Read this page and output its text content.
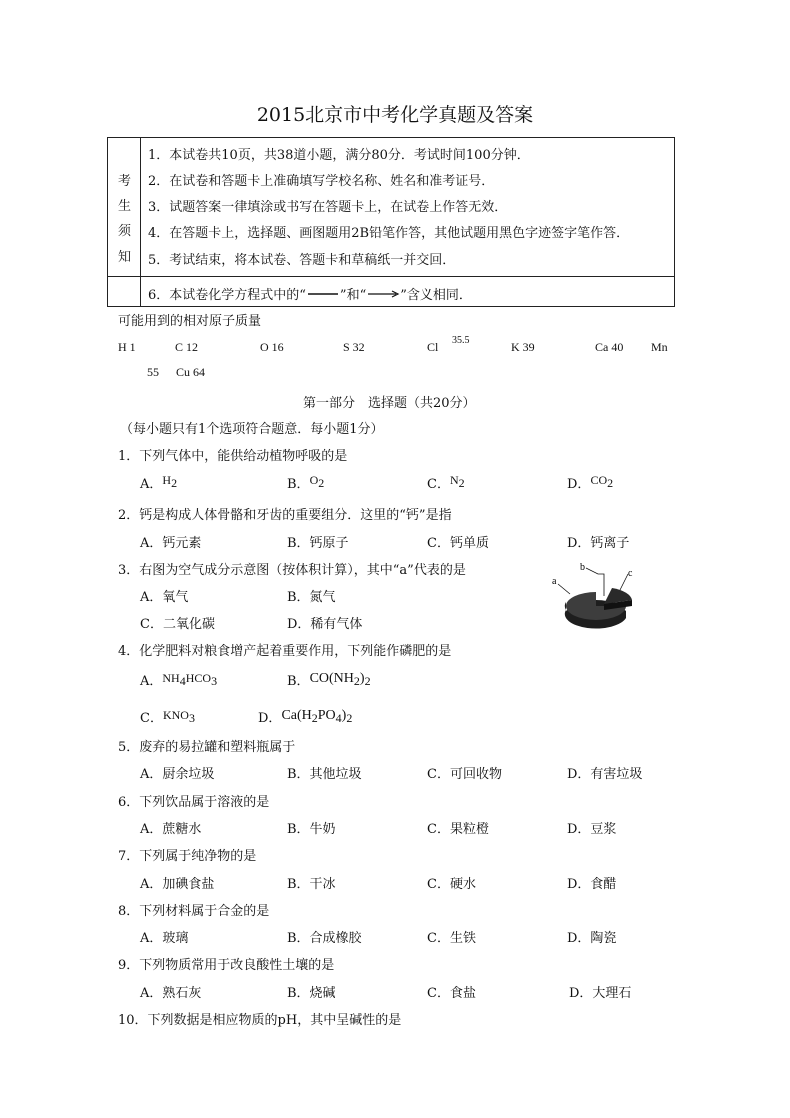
2015北京市中考化学真题及答案
考
生
须
知
1．本试卷共10页，共38道小题，满分80分．考试时间100分钟．
2．在试卷和答题卡上准确填写学校名称、姓名和准考证号．
3．试题答案一律填涂或书写在答题卡上，在试卷上作答无效．
4．在答题卡上，选择题、画图题用2B铅笔作答，其他试题用黑色字迹签字笔作答．
5．考试结束，将本试卷、答题卡和草稿纸一并交回．
6．本试卷化学方程式中的“	”和“	”含义相同．
可能用到的相对原子质量
H 1	C 12	O 16	S 32	Cl 35.5	K 39	Ca 40 Mn
55 Cu 64
第一部分　选择题（共20分）
（每小题只有1个选项符合题意．每小题1分）
1．下列气体中，能供给动植物呼吸的是
A．$H_2$	B．$O_2$	C．$N_2$	D．$CO_2$
2．钙是构成人体骨骼和牙齿的重要组分．这里的“钙”是指
A．钙元素	B．钙原子	C．钙单质	D．钙离子
3．右图为空气成分示意图（按体积计算），其中“a”代表的是
A．氧气	B．氮气
C．二氧化碳	D．稀有气体
a
b
c
4．化学肥料对粮食增产起着重要作用，下列能作磷肥的是
A．NH4HCO3	B．CO(NH2)2
C．KNO3	D．Ca(H2PO4)2
5．废弃的易拉罐和塑料瓶属于
A．厨余垃圾	B．其他垃圾	C．可回收物	D．有害垃圾
6．下列饮品属于溶液的是
A．蔗糖水	B．牛奶	C．果粒橙	D．豆浆
7．下列属于纯净物的是
A．加碘食盐	B．干冰	C．硬水	D．食醋
8．下列材料属于合金的是
A．玻璃	B．合成橡胶	C．生铁	D．陶瓷
9．下列物质常用于改良酸性土壤的是
A．熟石灰	B．烧碱	C．食盐	D．大理石
10．下列数据是相应物质的pH，其中呈碱性的是
